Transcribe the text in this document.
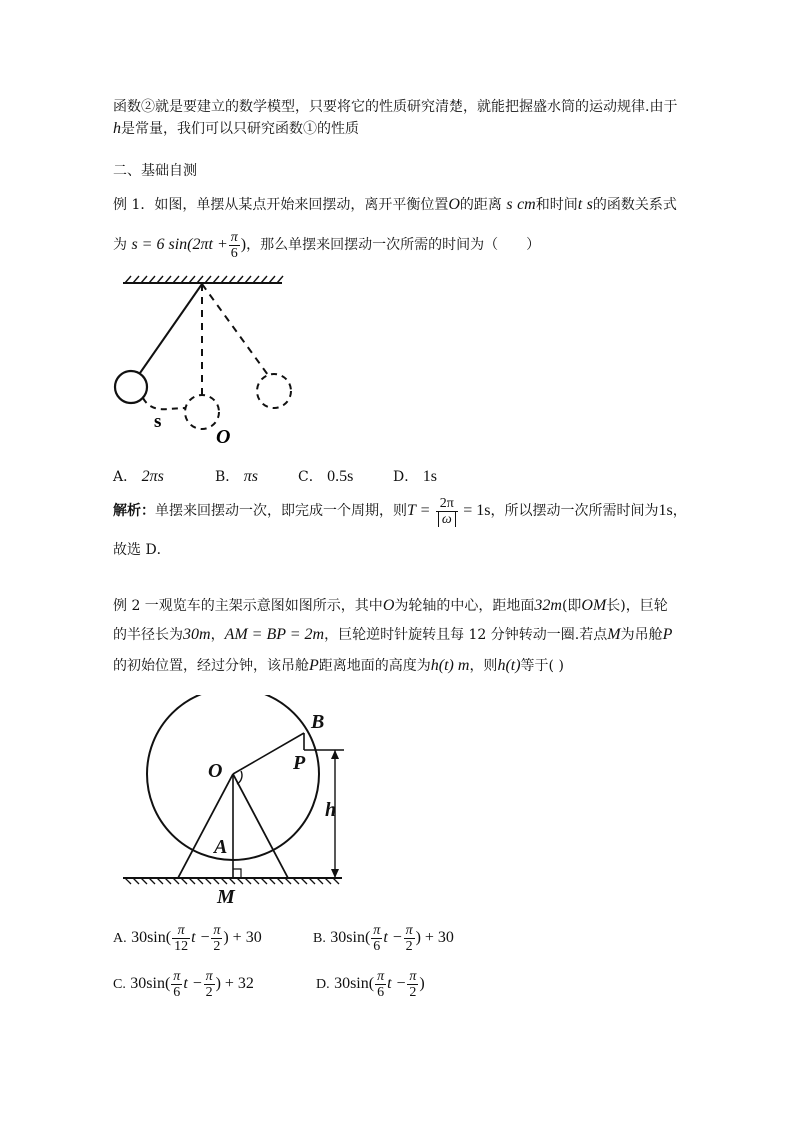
函数②就是要建立的数学模型，只要将它的性质研究清楚，就能把握盛水筒的运动规律.由于
h是常量，我们可以只研究函数①的性质
二、基础自测
例 1．如图，单摆从某点开始来回摆动，离开平衡位置O的距离 s cm和时间t s的函数关系式
为 s = 6 $\sin(2\pi t + \frac{\pi}{6}$ )，那么单摆来回摆动一次所需的时间为（　　）
s
O
A． 2πs	B． πs	C． 0.5s	D． 1s
解析：单摆来回摆动一次，即完成一个周期，则$T = \frac{2\pi}{\omega} = 1s$，所以摆动一次所需时间为1s，
故选 D．
例 2 一观览车的主架示意图如图所示，其中O为轮轴的中心，距地面32m(即OM长)，巨轮
的半径长为30m，AM = BP = 2m，巨轮逆时针旋转且每 12 分钟转动一圈.若点M为吊舱P
的初始位置，经过分钟，该吊舱P距离地面的高度为h(t) m，则h(t)等于( )
B
P
O
h
A
M
A. $30\sin( \frac{\pi}{12}$ $t - \frac{\pi}{2}$ ) + 30	B. $30\sin( \frac{\pi}{6}$ $t - \frac{\pi}{2}$ ) + 30
C. $30\sin( \frac{\pi}{6}$ $t - \frac{\pi}{2}$ ) + 32	D. $30\sin( \frac{\pi}{6}$ $t - \frac{\pi}{2}$ )
